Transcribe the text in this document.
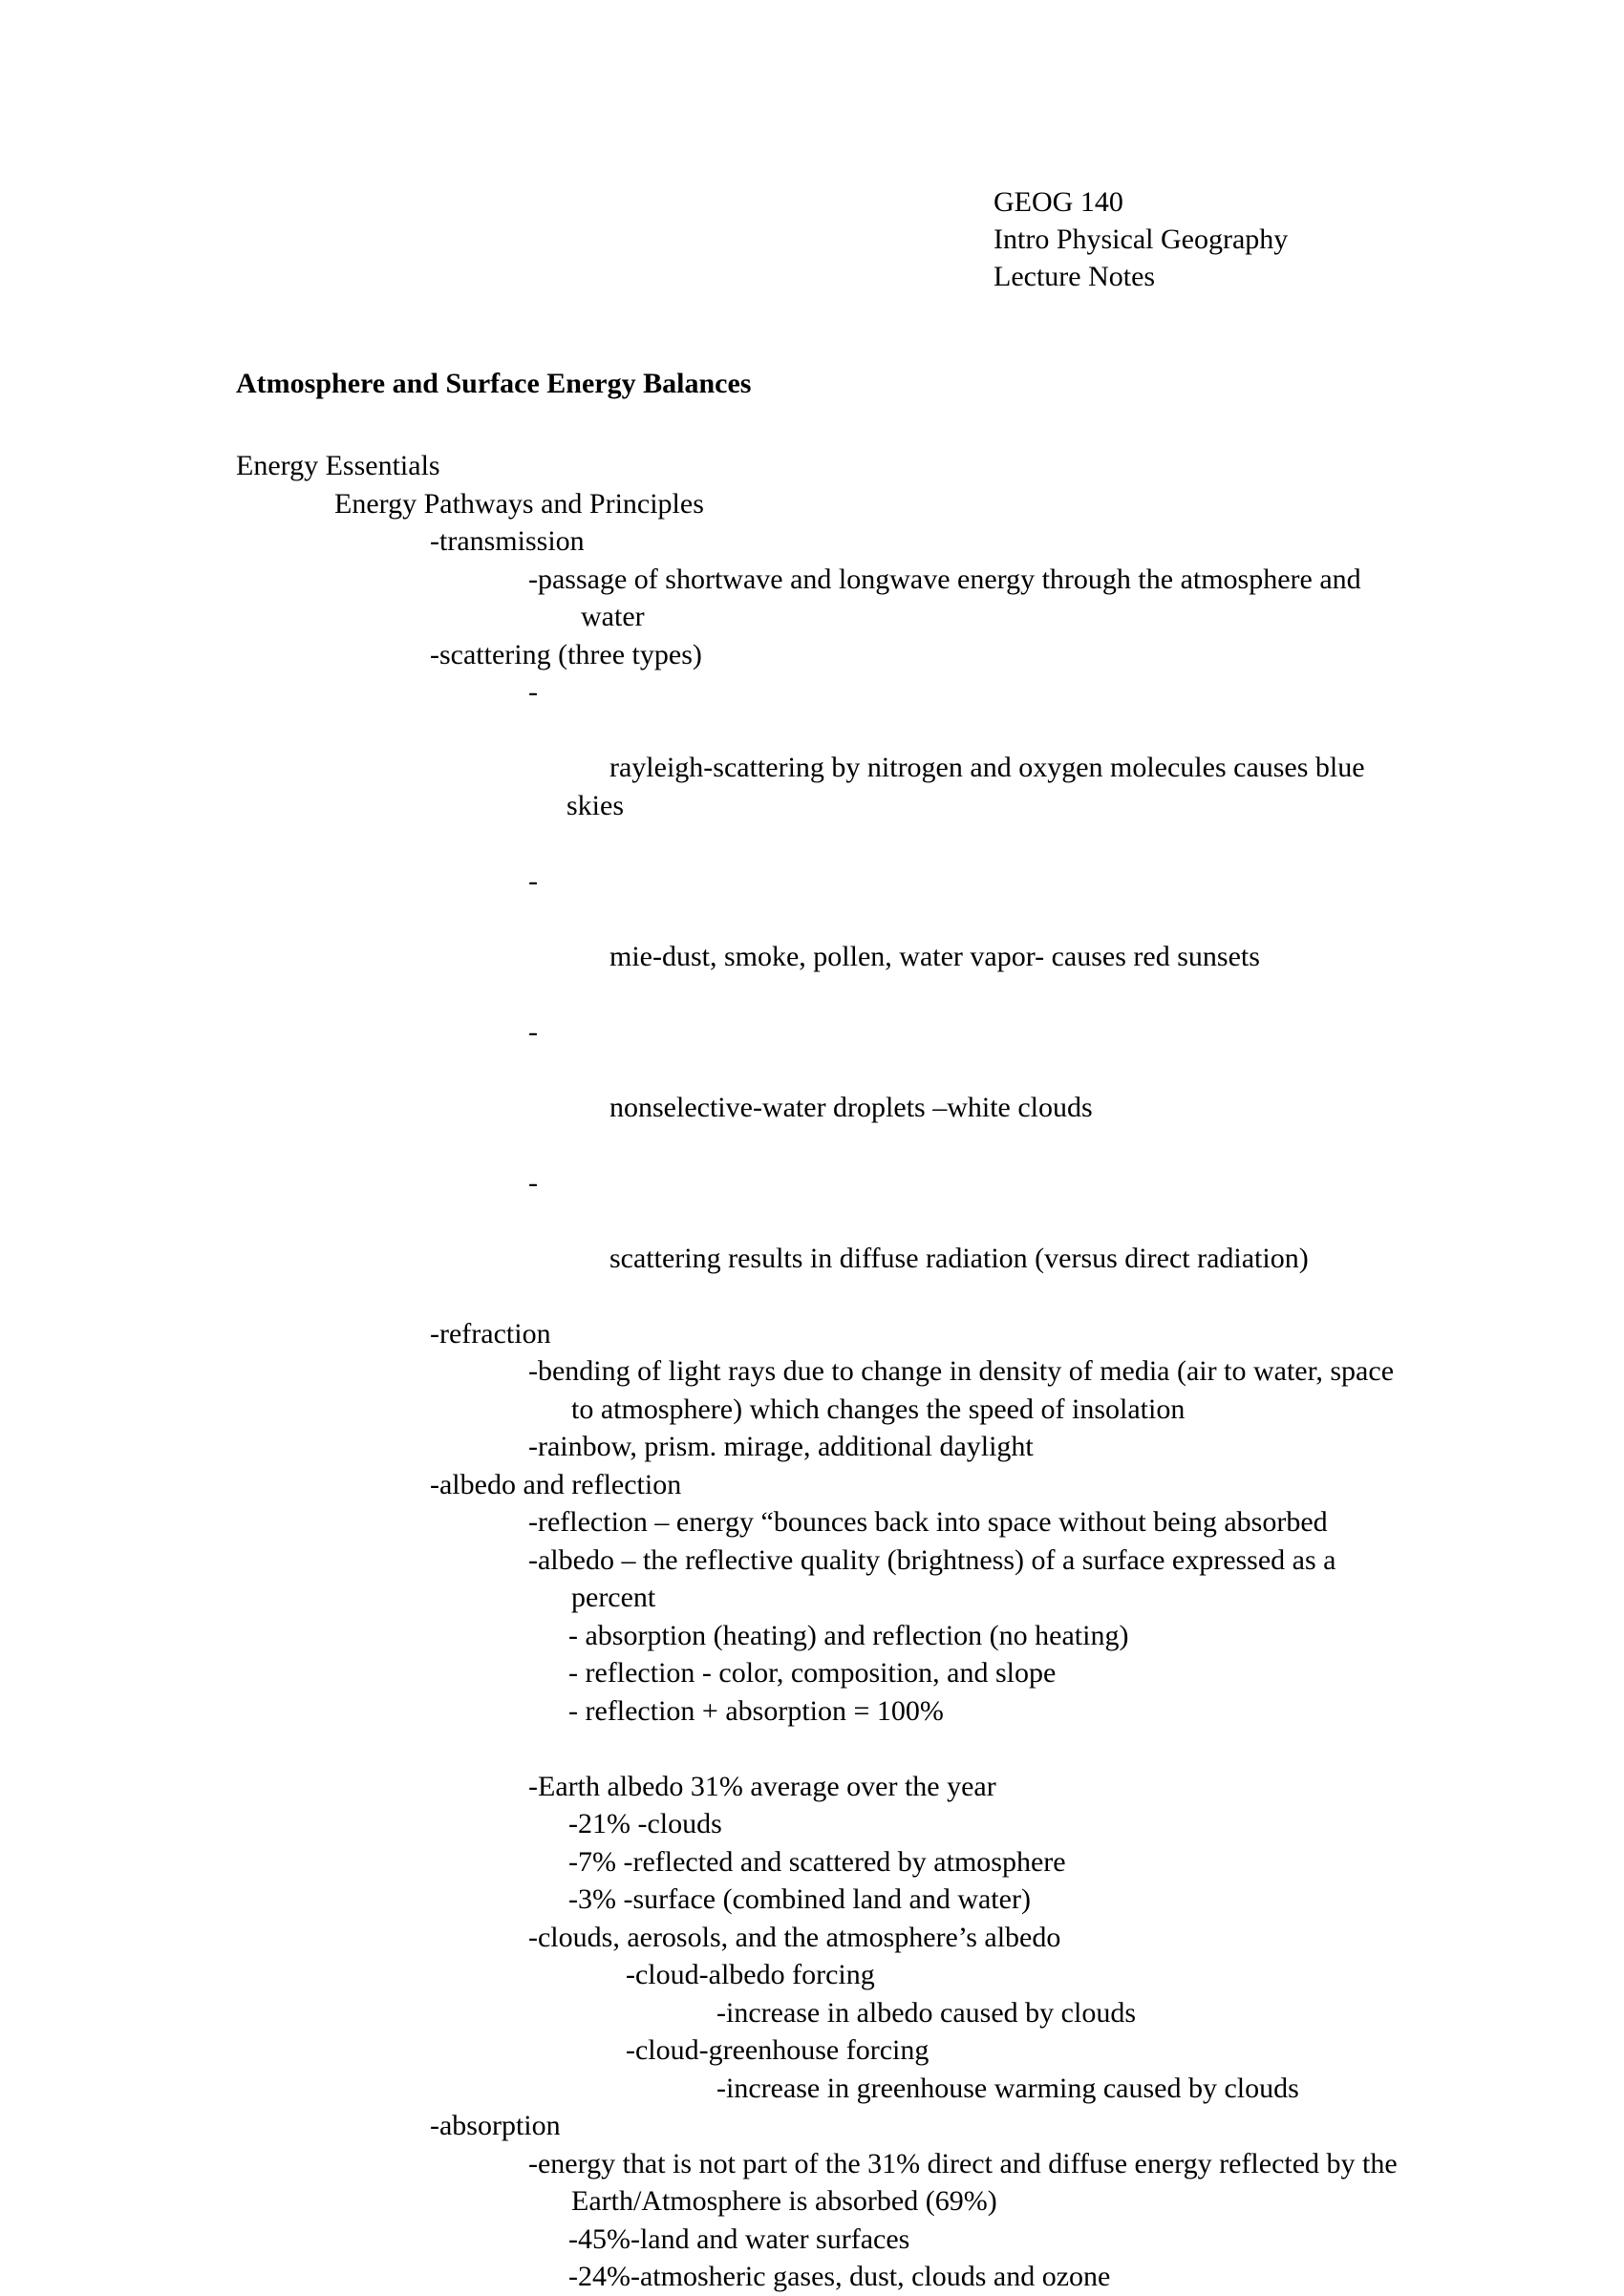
GEOG 140
Intro Physical Geography
Lecture Notes
Atmosphere and Surface Energy Balances
Energy Essentials
Energy Pathways and Principles
-transmission
-passage of shortwave and longwave energy through the atmosphere and water
-scattering (three types)

-

rayleigh-scattering by nitrogen and oxygen molecules causes blue skies

-

mie-dust, smoke, pollen, water vapor- causes red sunsets

-

nonselective-water droplets –white clouds

-

scattering results in diffuse radiation (versus direct radiation)

-refraction
-bending of light rays due to change in density of media (air to water, space to atmosphere) which changes the speed of insolation
-rainbow, prism. mirage, additional daylight
-albedo and reflection
-reflection – energy “bounces back into space without being absorbed
-albedo – the reflective quality (brightness) of a surface expressed as a percent
- absorption (heating) and reflection (no heating)
- reflection - color, composition, and slope
- reflection + absorption = 100%
-Earth albedo 31% average over the year
-21% -clouds
-7% -reflected and scattered by atmosphere
-3% -surface (combined land and water)
-clouds, aerosols, and the atmosphere’s albedo
-cloud-albedo forcing
-increase in albedo caused by clouds
-cloud-greenhouse forcing
-increase in greenhouse warming caused by clouds
-absorption
-energy that is not part of the 31% direct and diffuse energy reflected by the Earth/Atmosphere is absorbed (69%)
-45%-land and water surfaces
-24%-atmosheric gases, dust, clouds and ozone
